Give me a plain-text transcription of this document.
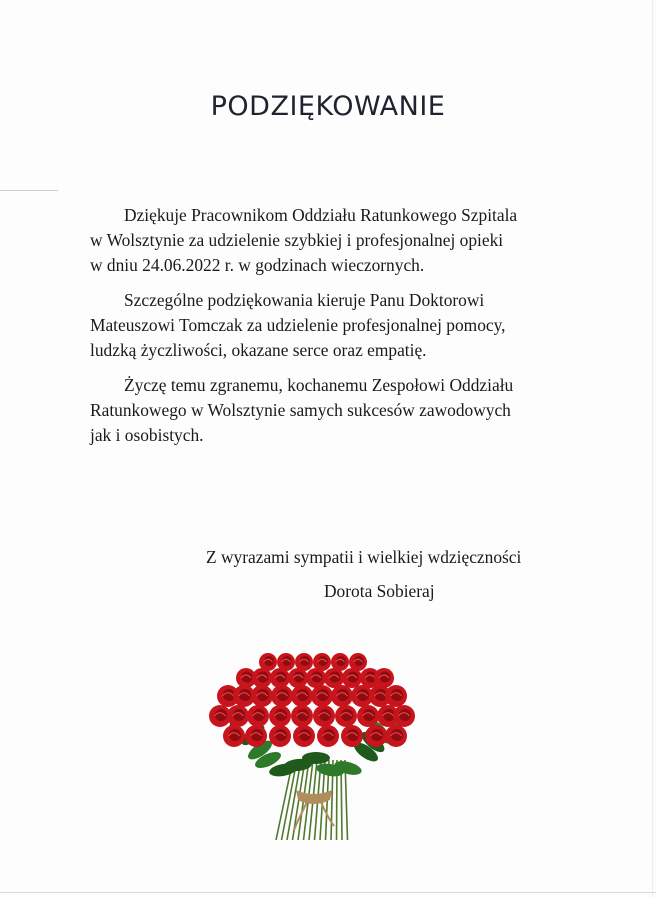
PODZIĘKOWANIE

Dziękuje Pracownikom Oddziału Ratunkowego Szpitala
w Wolsztynie za udzielenie szybkiej i profesjonalnej opieki
w dniu 24.06.2022 r. w godzinach wieczornych.

Szczególne podziękowania kieruje Panu Doktorowi
Mateuszowi Tomczak za udzielenie profesjonalnej pomocy,
ludzką życzliwości, okazane serce oraz empatię.

Życzę temu zgranemu, kochanemu Zespołowi Oddziału
Ratunkowego w Wolsztynie samych sukcesów zawodowych
jak i osobistych.

Z wyrazami sympatii i wielkiej wdzięczności
Dorota Sobieraj
